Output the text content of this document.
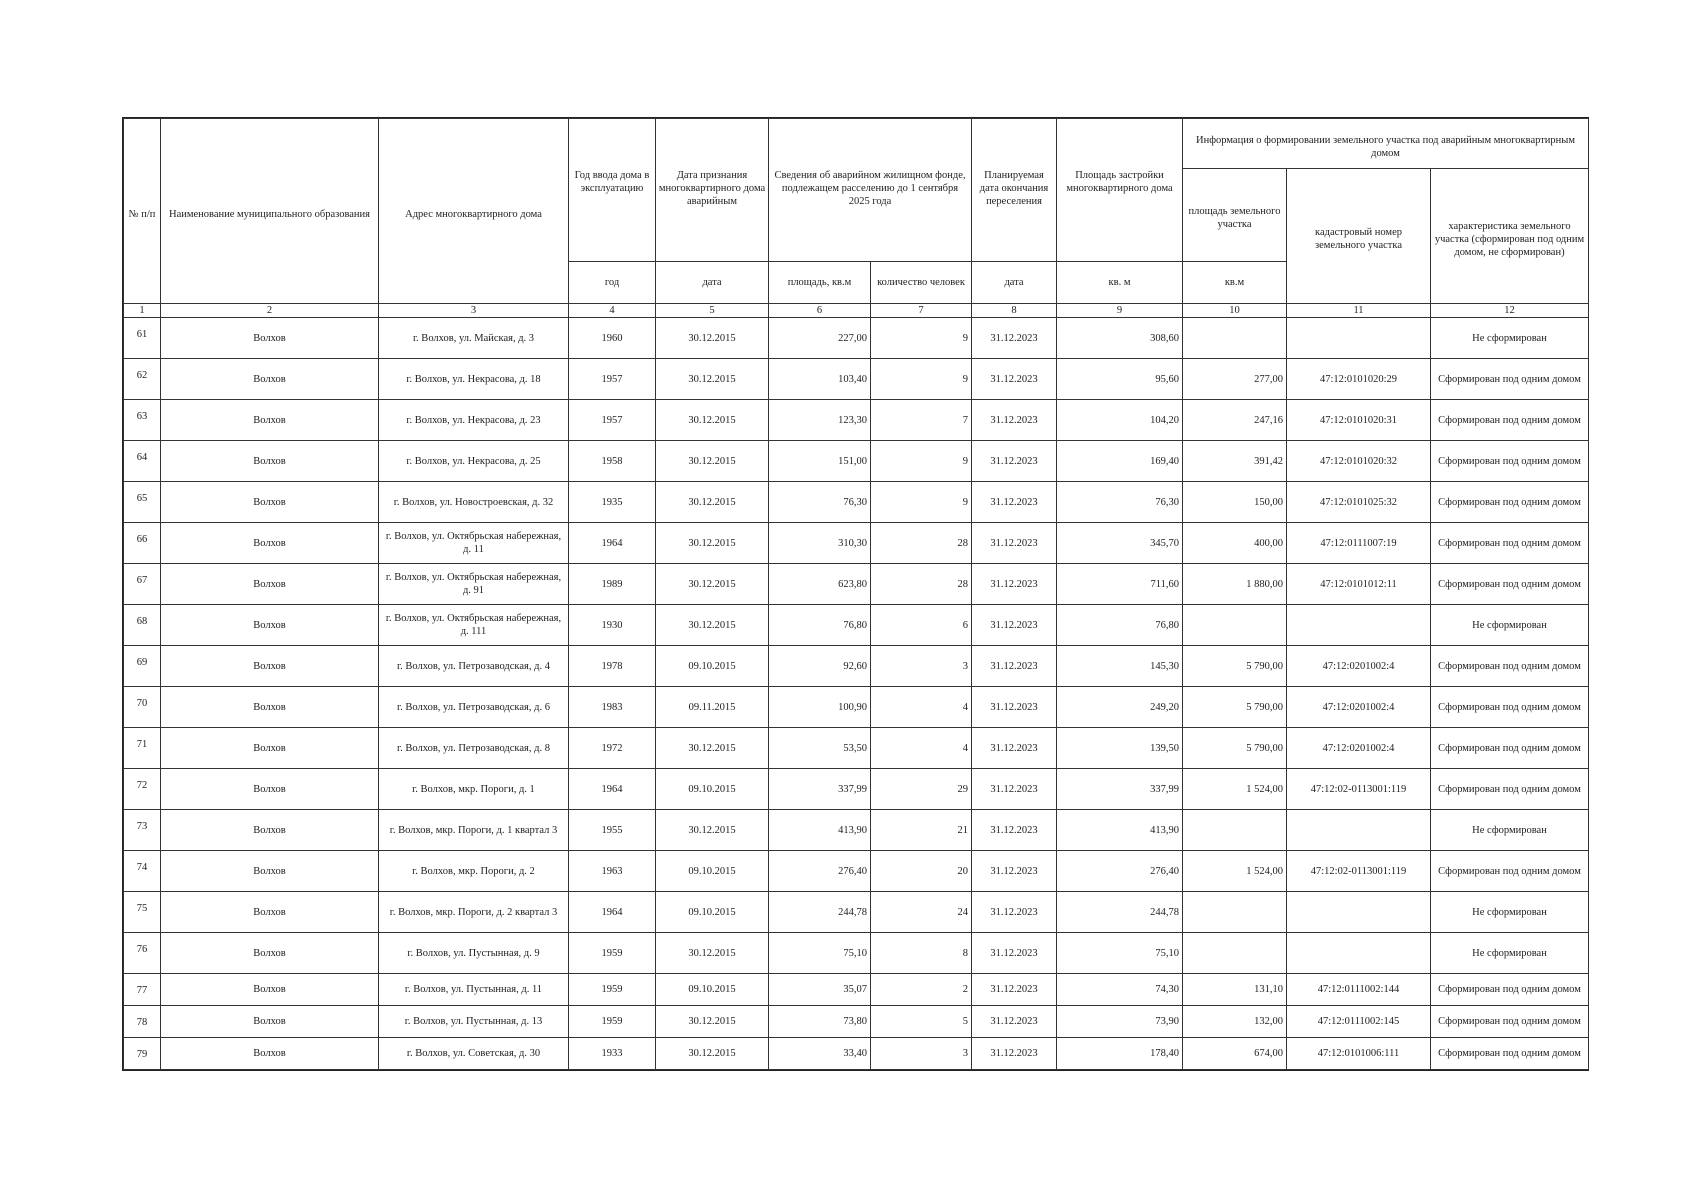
№ п/п	Наименование муниципального образования	Адрес многоквартирного дома	Год ввода дома в эксплуатацию	Дата признания многоквартирного дома аварийным	Сведения об аварийном жилищном фонде, подлежащем расселению до 1 сентября 2025 года		Планируемая дата окончания переселения	Площадь застройки многоквартирного дома	Информация о формировании земельного участка под аварийным многоквартирным домом		
									площадь земельного участка	кадастровый номер земельного участка	характеристика земельного участка (сформирован под одним домом, не сформирован)
			год	дата	площадь, кв.м	количество человек	дата	кв. м	кв.м		
1	2	3	4	5	6	7	8	9	10	11	12
61	Волхов	г. Волхов, ул. Майская, д. 3	1960	30.12.2015	227,00	9	31.12.2023	308,60			Не сформирован
62	Волхов	г. Волхов, ул. Некрасова, д. 18	1957	30.12.2015	103,40	9	31.12.2023	95,60	277,00	47:12:0101020:29	Сформирован под одним домом
63	Волхов	г. Волхов, ул. Некрасова, д. 23	1957	30.12.2015	123,30	7	31.12.2023	104,20	247,16	47:12:0101020:31	Сформирован под одним домом
64	Волхов	г. Волхов, ул. Некрасова, д. 25	1958	30.12.2015	151,00	9	31.12.2023	169,40	391,42	47:12:0101020:32	Сформирован под одним домом
65	Волхов	г. Волхов, ул. Новостроевская, д. 32	1935	30.12.2015	76,30	9	31.12.2023	76,30	150,00	47:12:0101025:32	Сформирован под одним домом
66	Волхов	г. Волхов, ул. Октябрьская набережная, д. 11	1964	30.12.2015	310,30	28	31.12.2023	345,70	400,00	47:12:0111007:19	Сформирован под одним домом
67	Волхов	г. Волхов, ул. Октябрьская набережная, д. 91	1989	30.12.2015	623,80	28	31.12.2023	711,60	1 880,00	47:12:0101012:11	Сформирован под одним домом
68	Волхов	г. Волхов, ул. Октябрьская набережная, д. 111	1930	30.12.2015	76,80	6	31.12.2023	76,80			Не сформирован
69	Волхов	г. Волхов, ул. Петрозаводская, д. 4	1978	09.10.2015	92,60	3	31.12.2023	145,30	5 790,00	47:12:0201002:4	Сформирован под одним домом
70	Волхов	г. Волхов, ул. Петрозаводская, д. 6	1983	09.11.2015	100,90	4	31.12.2023	249,20	5 790,00	47:12:0201002:4	Сформирован под одним домом
71	Волхов	г. Волхов, ул. Петрозаводская, д. 8	1972	30.12.2015	53,50	4	31.12.2023	139,50	5 790,00	47:12:0201002:4	Сформирован под одним домом
72	Волхов	г. Волхов, мкр. Пороги, д. 1	1964	09.10.2015	337,99	29	31.12.2023	337,99	1 524,00	47:12:02-0113001:119	Сформирован под одним домом
73	Волхов	г. Волхов, мкр. Пороги, д. 1 квартал 3	1955	30.12.2015	413,90	21	31.12.2023	413,90			Не сформирован
74	Волхов	г. Волхов, мкр. Пороги, д. 2	1963	09.10.2015	276,40	20	31.12.2023	276,40	1 524,00	47:12:02-0113001:119	Сформирован под одним домом
75	Волхов	г. Волхов, мкр. Пороги, д. 2 квартал 3	1964	09.10.2015	244,78	24	31.12.2023	244,78			Не сформирован
76	Волхов	г. Волхов, ул. Пустынная, д. 9	1959	30.12.2015	75,10	8	31.12.2023	75,10			Не сформирован
77	Волхов	г. Волхов, ул. Пустынная, д. 11	1959	09.10.2015	35,07	2	31.12.2023	74,30	131,10	47:12:0111002:144	Сформирован под одним домом
78	Волхов	г. Волхов, ул. Пустынная, д. 13	1959	30.12.2015	73,80	5	31.12.2023	73,90	132,00	47:12:0111002:145	Сформирован под одним домом
79	Волхов	г. Волхов, ул. Советская, д. 30	1933	30.12.2015	33,40	3	31.12.2023	178,40	674,00	47:12:0101006:111	Сформирован под одним домом
